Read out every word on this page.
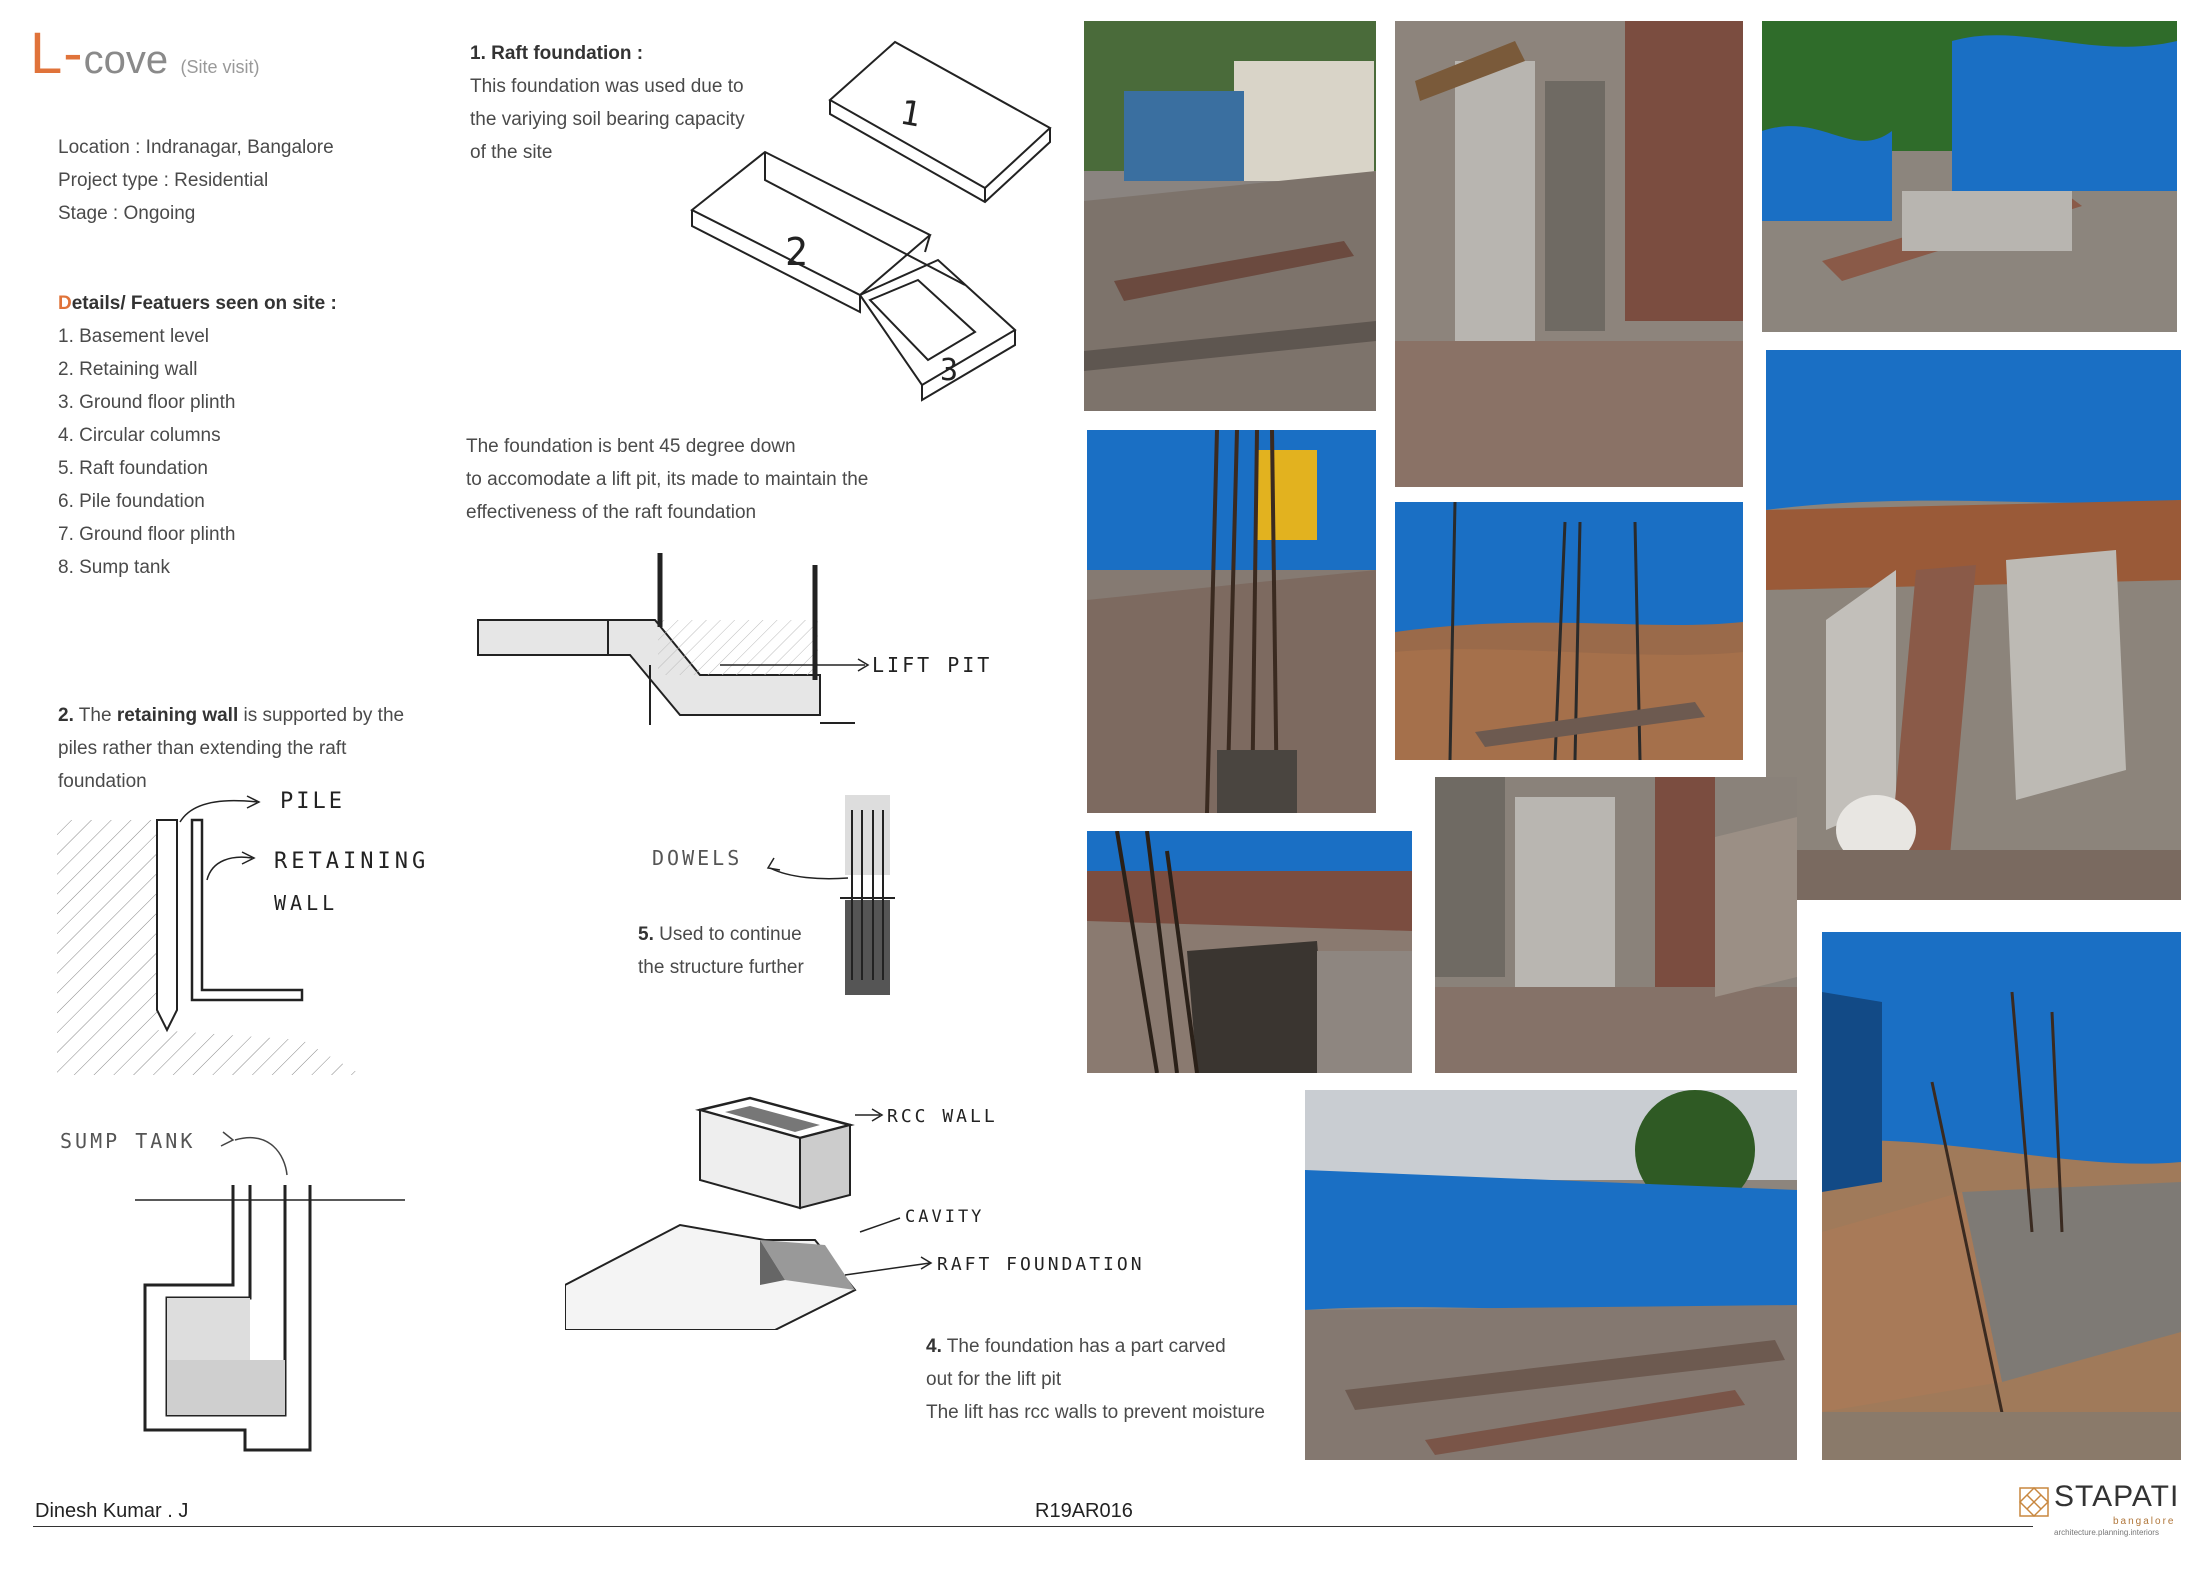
L-cove (Site visit)
Location : Indranagar, Bangalore
Project type : Residential
Stage : Ongoing
Details/ Featuers seen on site :
1. Basement level
2. Retaining wall
3. Ground floor plinth
4. Circular columns
5. Raft foundation
6. Pile foundation
7. Ground floor plinth
8. Sump tank
2. The retaining wall is supported by the
piles rather than extending the raft
foundation
1. Raft foundation :
This foundation was used due to
the variying soil bearing capacity
of the site
The foundation is bent 45 degree down
to accomodate a lift pit, its made to maintain the
effectiveness of the raft foundation
5. Used to continue
the structure further
4. The foundation has a part carved
out for the lift pit
The lift has rcc walls to prevent moisture
1
2
3
LIFT PIT
PILE
RETAINING
WALL
DOWELS
SUMP TANK
RCC WALL
CAVITY
RAFT FOUNDATION
Dinesh Kumar . J	R19AR016	STAPATI
bangalore
architecture.planning.interiors
